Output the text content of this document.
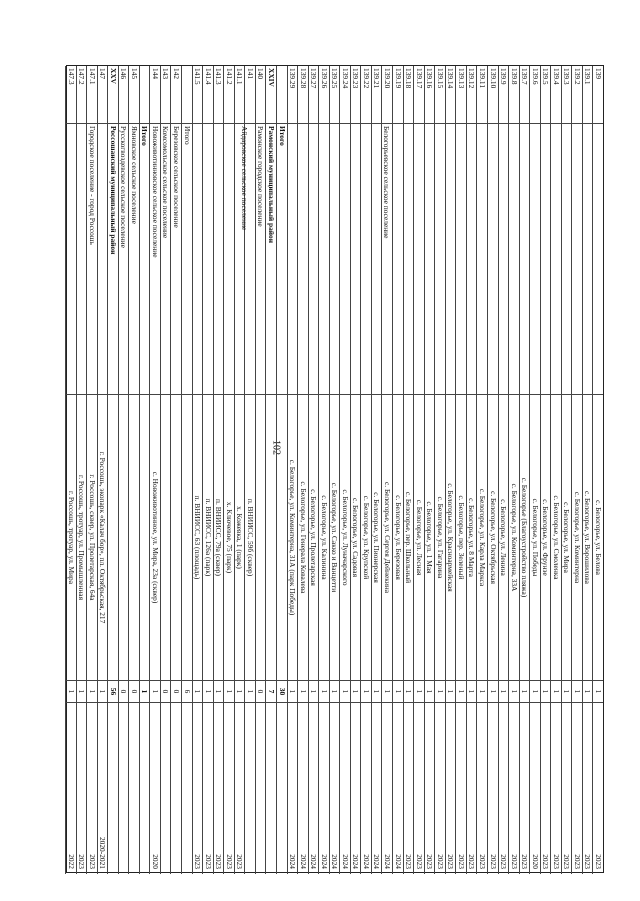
102
139
с. Белогорье, ул. Белова
1
2023
139.1
с. Белогорье, ул. Ворошилова
1
2023
139.2
с. Белогорье, ул. Коминтерна
1
2023
139.3
с. Белогорье, ул. Мира
1
2023
139.4
с. Белогорье, ул. Смоленка
1
2023
139.5
с. Белогорье, ул. Фрунзе
1
2023
139.6
с. Белогорье, ул. Победы
1
2020
139.7
с. Белогорье (Благоустройство пляжа)
1
2023
139.8
с. Белогорье, ул. Коминтерна, 33А
1
2023
139.9
с. Белогорье, ул. Ленина
1
2023
139.10
с. Белогорье, ул. Октябрьская
1
2023
139.11
с. Белогорье, ул. Карла Маркса
1
2023
139.12
с. Белогорье, ул. 8 Марта
1
2023
139.13
с. Белогорье, пер. Зеленый
1
2023
139.14
с. Белогорье, ул. Красноармейская
1
2023
139.15
с. Белогорье, ул. Гагарина
1
2023
139.16
с. Белогорье, ул. 1 Мая
1
2023
139.17
с. Белогорье, ул. Лесная
1
2023
139.18
с. Белогорье, пер. Школьный
1
2023
139.19
с. Белогорье, ул. Березовая
1
2024
139.20
с. Белогорье, ул. Сергея Дейнекина
1
2024
139.21
с. Белогорье, ул. Пионерская
1
2024
139.22
с. Белогорье, ул. Крупской
1
2024
139.23
с. Белогорье, ул. Садовая
1
2024
139.24
с. Белогорье, ул. Луначарского
1
2024
139.25
с. Белогорье, ул. Сакко и Ванцетти
1
2024
139.26
с. Белогорье, ул. Калинина
1
2024
139.27
с. Белогорье, ул. Пролетарская
1
2024
139.28
с. Белогорье, ул. Генерала Ковалева
1
2024
139.29
с. Белогорье, ул. Коминтерна, 31А (парк Победы)
1
2024
Итого
30
XXIV
Рамонский муниципальный район
7
140
Рамонское городское поселение
0
141
п. ВНИИСС, 59б (сквер)
1
141.1
х. Кожевка, 1 (парк)
1
2023
141.2
х. Ключевое, 75 (парк)
1
2023
141.3
п. ВНИИСС, 79а (сквер)
1
2023
141.4
п. ВНИИСС, 126а (парк)
1
2023
141.5
п. ВНИИСС, 63 (площадь)
1
2023
Итого
6
142
Березовское сельское поселение
0
143
Комсомольское сельское поселение
0
144
Новоживотинновское сельское поселение
с. Новоживотинное, ул. Мира, 23а (сквер)
1
2020
Итого
1
145
Ямновское сельское поселение
0
146
Русскогвоздевское сельское поселение
0
XXV
Россошанский муниципальный район
56
147
г. Россошь, экопарк «Калач бор», пл. Октябрьская, 217
1
2020-2021
147.1
Городское поселение - город Россошь
г. Россошь, сквер, ул. Пролетарская, 64а
1
2023
147.2
г. Россошь, тротуар, ул. Промышленная
1
2023
147.3
г. Россошь, тротуар, ул. Мира
1
2022
Белогорьевское сельское поселение
Айдаровское сельское поселение
